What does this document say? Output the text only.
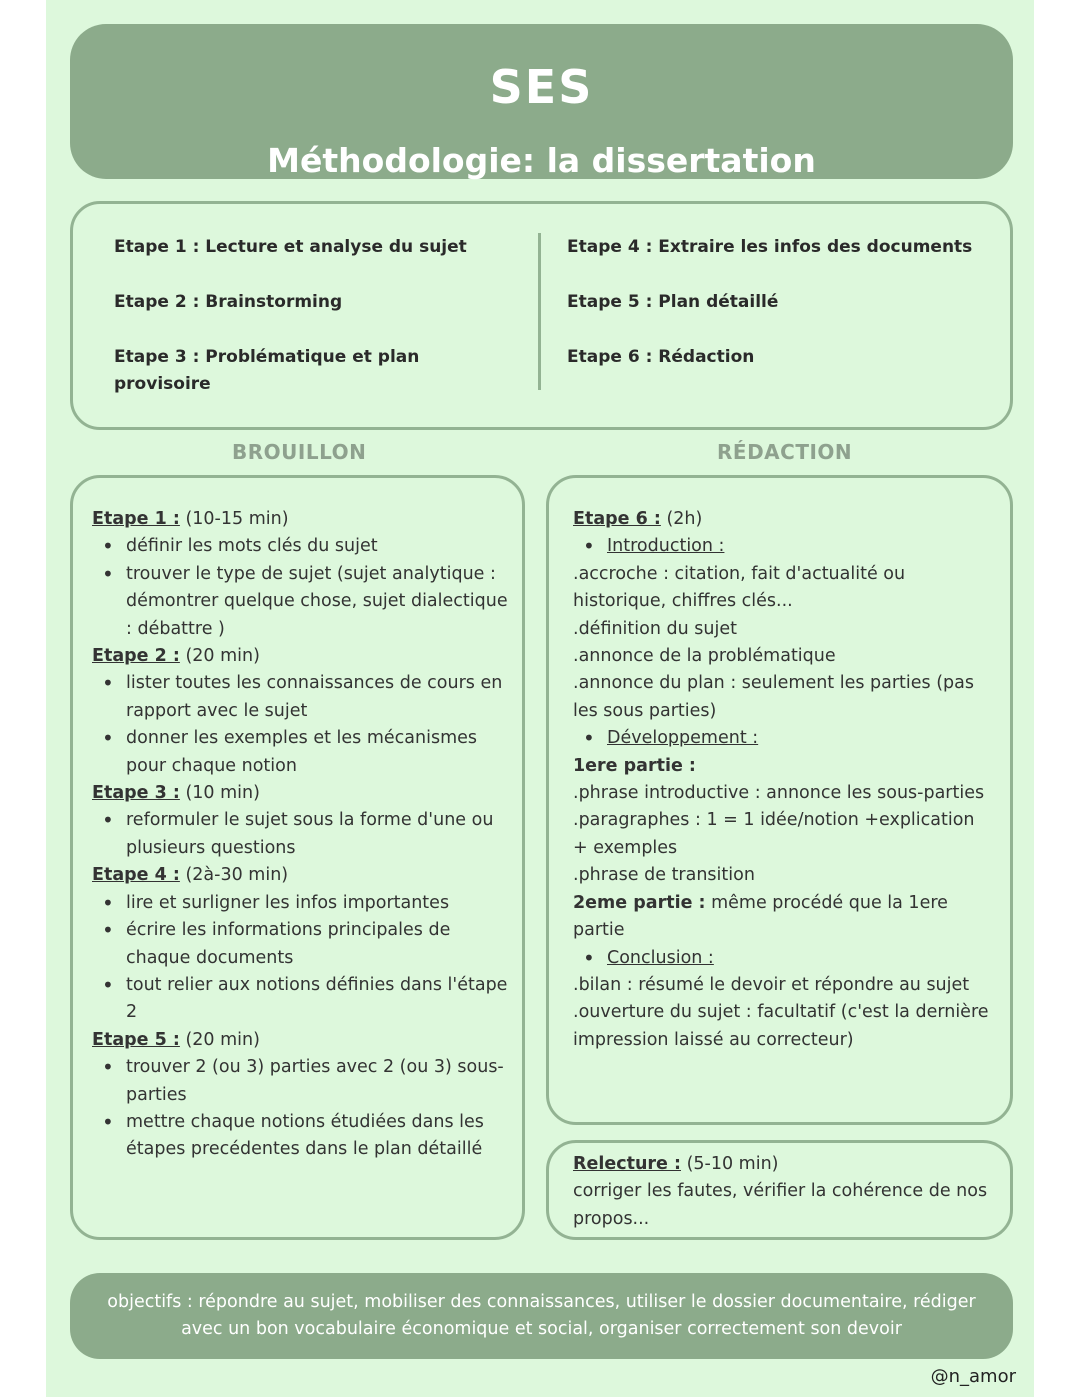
SES
Méthodologie: la dissertation
Etape 1 : Lecture et analyse du sujet
Etape 2 : Brainstorming
Etape 3 : Problématique et plan provisoire
Etape 4 : Extraire les infos des documents
Etape 5 : Plan détaillé
Etape 6 : Rédaction
BROUILLON	RÉDACTION
Etape 1 : (10-15 min)
• définir les mots clés du sujet
• trouver le type de sujet (sujet analytique : démontrer quelque chose, sujet dialectique : débattre )
Etape 2 : (20 min)
• lister toutes les connaissances de cours en rapport avec le sujet
• donner les exemples et les mécanismes pour chaque notion
Etape 3 : (10 min)
• reformuler le sujet sous la forme d'une ou plusieurs questions
Etape 4 : (2à-30 min)
• lire et surligner les infos importantes
• écrire les informations principales de chaque documents
• tout relier aux notions définies dans l'étape 2
Etape 5 : (20 min)
• trouver 2 (ou 3) parties avec 2 (ou 3) sous-parties
• mettre chaque notions étudiées dans les étapes precédentes dans le plan détaillé
Etape 6 : (2h)
• Introduction :
.accroche : citation, fait d'actualité ou historique, chiffres clés...
.définition du sujet
.annonce de la problématique
.annonce du plan : seulement les parties (pas les sous parties)
• Développement :
1ere partie :
.phrase introductive : annonce les sous-parties
.paragraphes : 1 = 1 idée/notion +explication + exemples
.phrase de transition
2eme partie : même procédé que la 1ere partie
• Conclusion :
.bilan : résumé le devoir et répondre au sujet
.ouverture du sujet : facultatif (c'est la dernière impression laissé au correcteur)
Relecture : (5-10 min)
corriger les fautes, vérifier la cohérence de nos propos...
objectifs : répondre au sujet, mobiliser des connaissances, utiliser le dossier documentaire, rédiger avec un bon vocabulaire économique et social, organiser correctement son devoir
@n_amor
